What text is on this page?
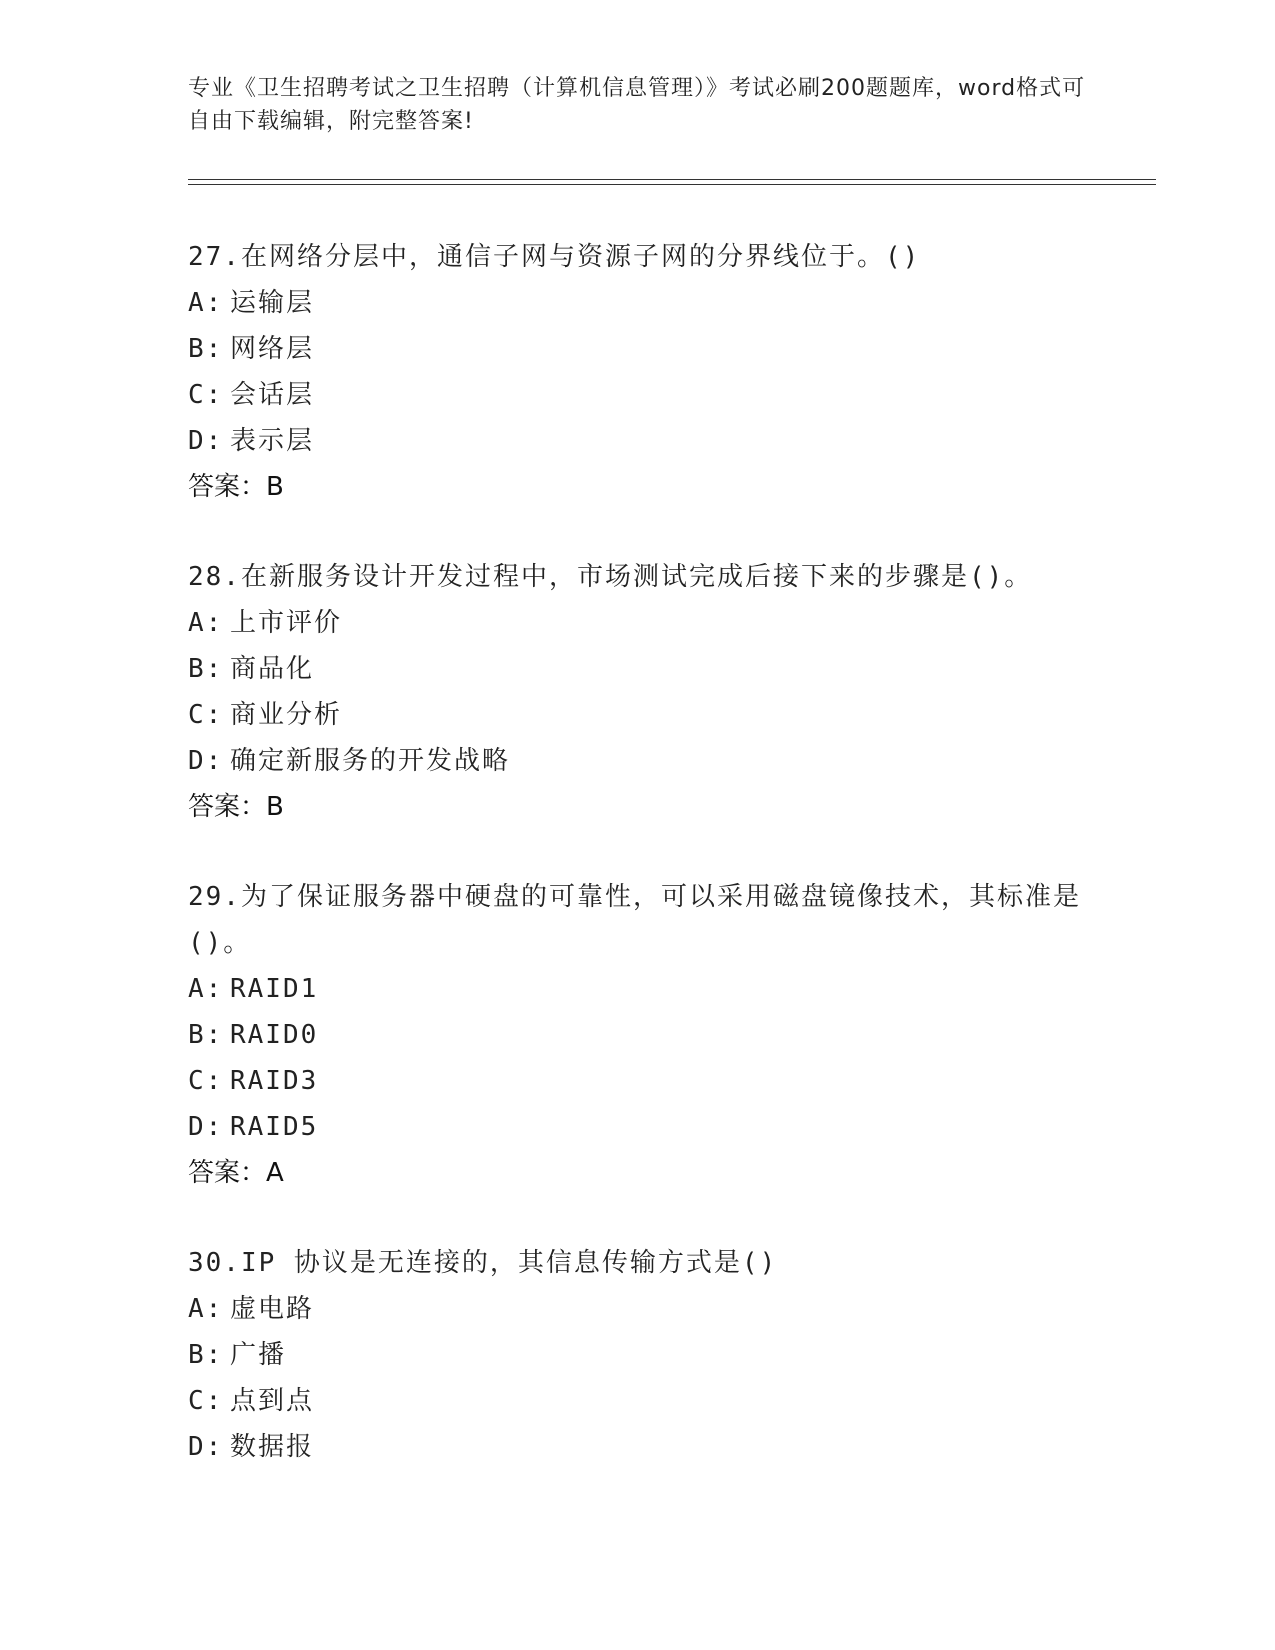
专业《卫生招聘考试之卫生招聘（计算机信息管理）》考试必刷200题题库，word格式可自由下载编辑，附完整答案!

27.在网络分层中，通信子网与资源子网的分界线位于。()

A: 运输层
B: 网络层
C: 会话层
D: 表示层
答案：B

28.在新服务设计开发过程中，市场测试完成后接下来的步骤是()。

A: 上市评价
B: 商品化
C: 商业分析
D: 确定新服务的开发战略
答案：B

29.为了保证服务器中硬盘的可靠性，可以采用磁盘镜像技术，其标准是()。

A: RAID1
B: RAID0
C: RAID3
D: RAID5
答案：A

30.IP 协议是无连接的，其信息传输方式是()

A: 虚电路
B: 广播
C: 点到点
D: 数据报
